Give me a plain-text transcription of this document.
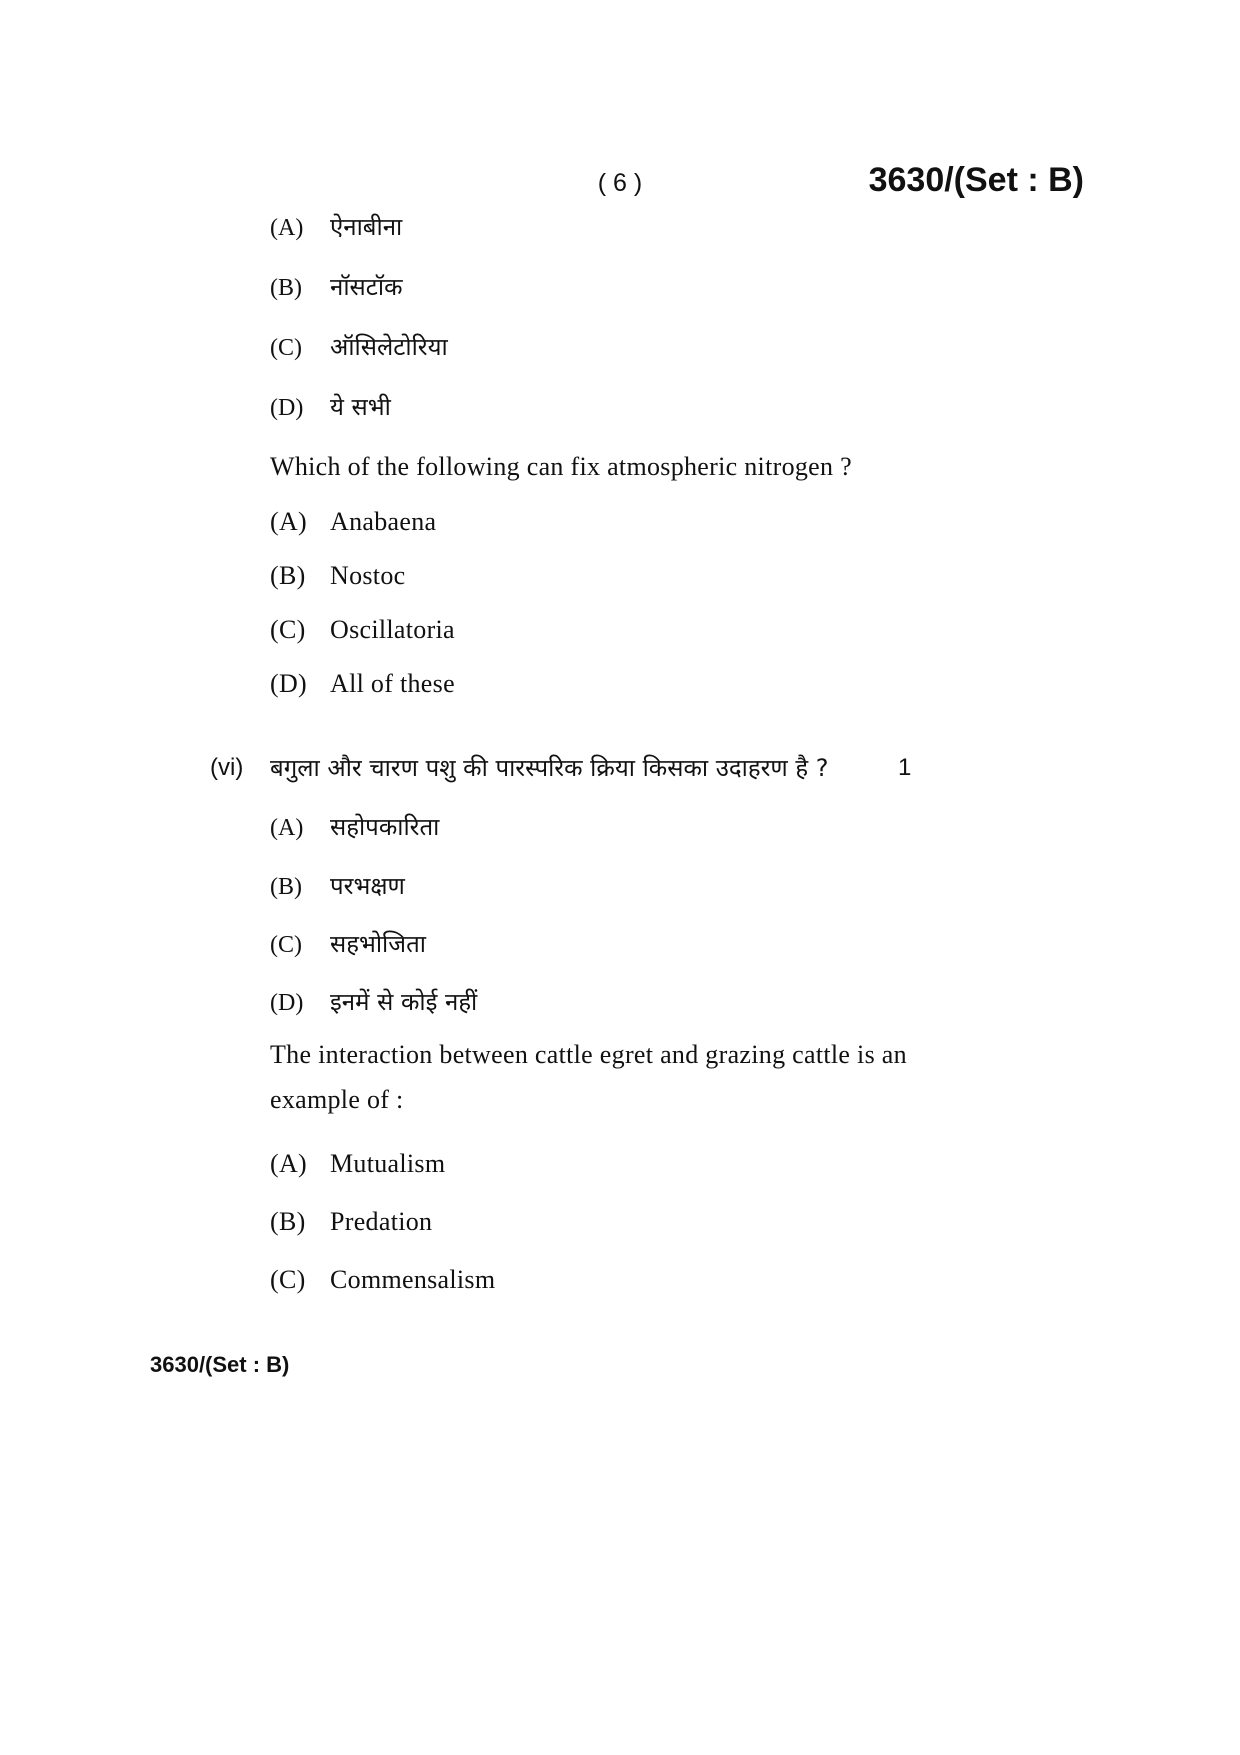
( 6 )	3630/(Set : B)
(A) ऐनाबीना
(B) नॉसटॉक
(C) ऑसिलेटोरिया
(D) ये सभी
Which of the following can fix atmospheric nitrogen ?
(A) Anabaena
(B) Nostoc
(C) Oscillatoria
(D) All of these
(vi) बगुला और चारण पशु की पारस्परिक क्रिया किसका उदाहरण है ?	1
(A) सहोपकारिता
(B) परभक्षण
(C) सहभोजिता
(D) इनमें से कोई नहीं
The interaction between cattle egret and grazing cattle is an
example of :
(A) Mutualism
(B) Predation
(C) Commensalism
3630/(Set : B)
